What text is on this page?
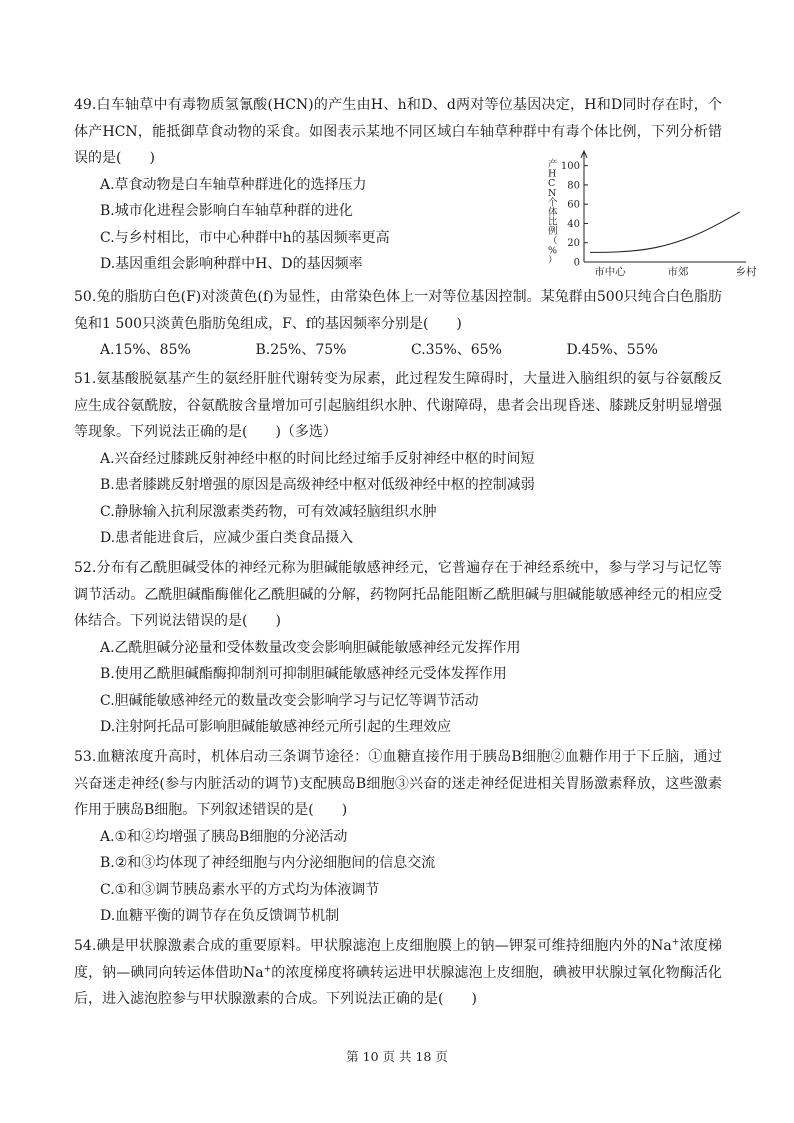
49.白车轴草中有毒物质氢氰酸(HCN)的产生由H、h和D、d两对等位基因决定，H和D同时存在时，个体产HCN，能抵御草食动物的采食。如图表示某地不同区域白车轴草种群中有毒个体比例，下列分析错误的是(　　)
A.草食动物是白车轴草种群进化的选择压力
B.城市化进程会影响白车轴草种群的进化
C.与乡村相比，市中心种群中h的基因频率更高
D.基因重组会影响种群中H、D的基因频率
产 H C N 个体比例（%） 0
20
40
60
80
100
市中心	市郊	乡村
50.兔的脂肪白色(F)对淡黄色(f)为显性，由常染色体上一对等位基因控制。某兔群由500只纯合白色脂肪兔和1 500只淡黄色脂肪兔组成，F、f的基因频率分别是(　　)
A.15%、85%	B.25%、75%	C.35%、65%	D.45%、55%
51.氨基酸脱氨基产生的氨经肝脏代谢转变为尿素，此过程发生障碍时，大量进入脑组织的氨与谷氨酸反应生成谷氨酰胺，谷氨酰胺含量增加可引起脑组织水肿、代谢障碍，患者会出现昏迷、膝跳反射明显增强等现象。下列说法正确的是(　　)（多选）
A.兴奋经过膝跳反射神经中枢的时间比经过缩手反射神经中枢的时间短
B.患者膝跳反射增强的原因是高级神经中枢对低级神经中枢的控制减弱
C.静脉输入抗利尿激素类药物，可有效减轻脑组织水肿
D.患者能进食后，应减少蛋白类食品摄入
52.分布有乙酰胆碱受体的神经元称为胆碱能敏感神经元，它普遍存在于神经系统中，参与学习与记忆等调节活动。乙酰胆碱酯酶催化乙酰胆碱的分解，药物阿托品能阻断乙酰胆碱与胆碱能敏感神经元的相应受体结合。下列说法错误的是(　　)
A.乙酰胆碱分泌量和受体数量改变会影响胆碱能敏感神经元发挥作用
B.使用乙酰胆碱酯酶抑制剂可抑制胆碱能敏感神经元受体发挥作用
C.胆碱能敏感神经元的数量改变会影响学习与记忆等调节活动
D.注射阿托品可影响胆碱能敏感神经元所引起的生理效应
53.血糖浓度升高时，机体启动三条调节途径：①血糖直接作用于胰岛B细胞②血糖作用于下丘脑，通过兴奋迷走神经(参与内脏活动的调节)支配胰岛B细胞③兴奋的迷走神经促进相关胃肠激素释放，这些激素作用于胰岛B细胞。下列叙述错误的是(　　)
A.①和②均增强了胰岛B细胞的分泌活动
B.②和③均体现了神经细胞与内分泌细胞间的信息交流
C.①和③调节胰岛素水平的方式均为体液调节
D.血糖平衡的调节存在负反馈调节机制
54.碘是甲状腺激素合成的重要原料。甲状腺滤泡上皮细胞膜上的钠—钾泵可维持细胞内外的Na+浓度梯度，钠—碘同向转运体借助Na+的浓度梯度将碘转运进甲状腺滤泡上皮细胞，碘被甲状腺过氧化物酶活化后，进入滤泡腔参与甲状腺激素的合成。下列说法正确的是(　　)
第 10 页 共 18 页
